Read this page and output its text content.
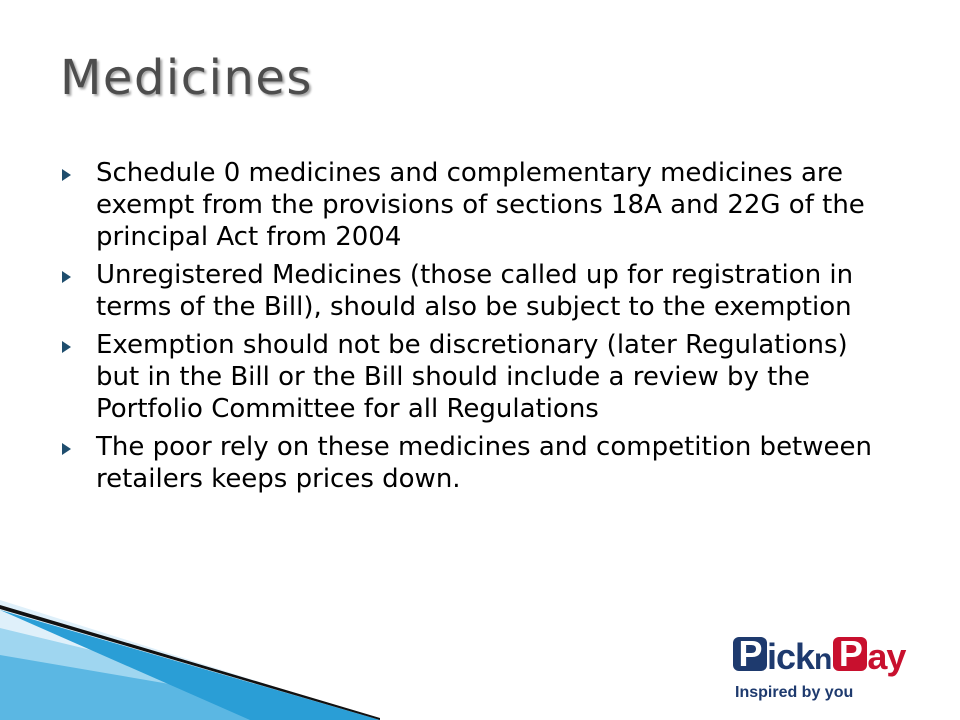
Medicines
Schedule 0 medicines and complementary medicines are exempt from the provisions of sections 18A and 22G of the principal Act from 2004
Unregistered Medicines (those called up for registration in terms of the Bill), should also be subject to the exemption
Exemption should not be discretionary (later Regulations) but in the Bill or the Bill should include a review by the Portfolio Committee for all Regulations
The poor rely on these medicines and competition between retailers keeps prices down.
P ickn P ay
Inspired by you
